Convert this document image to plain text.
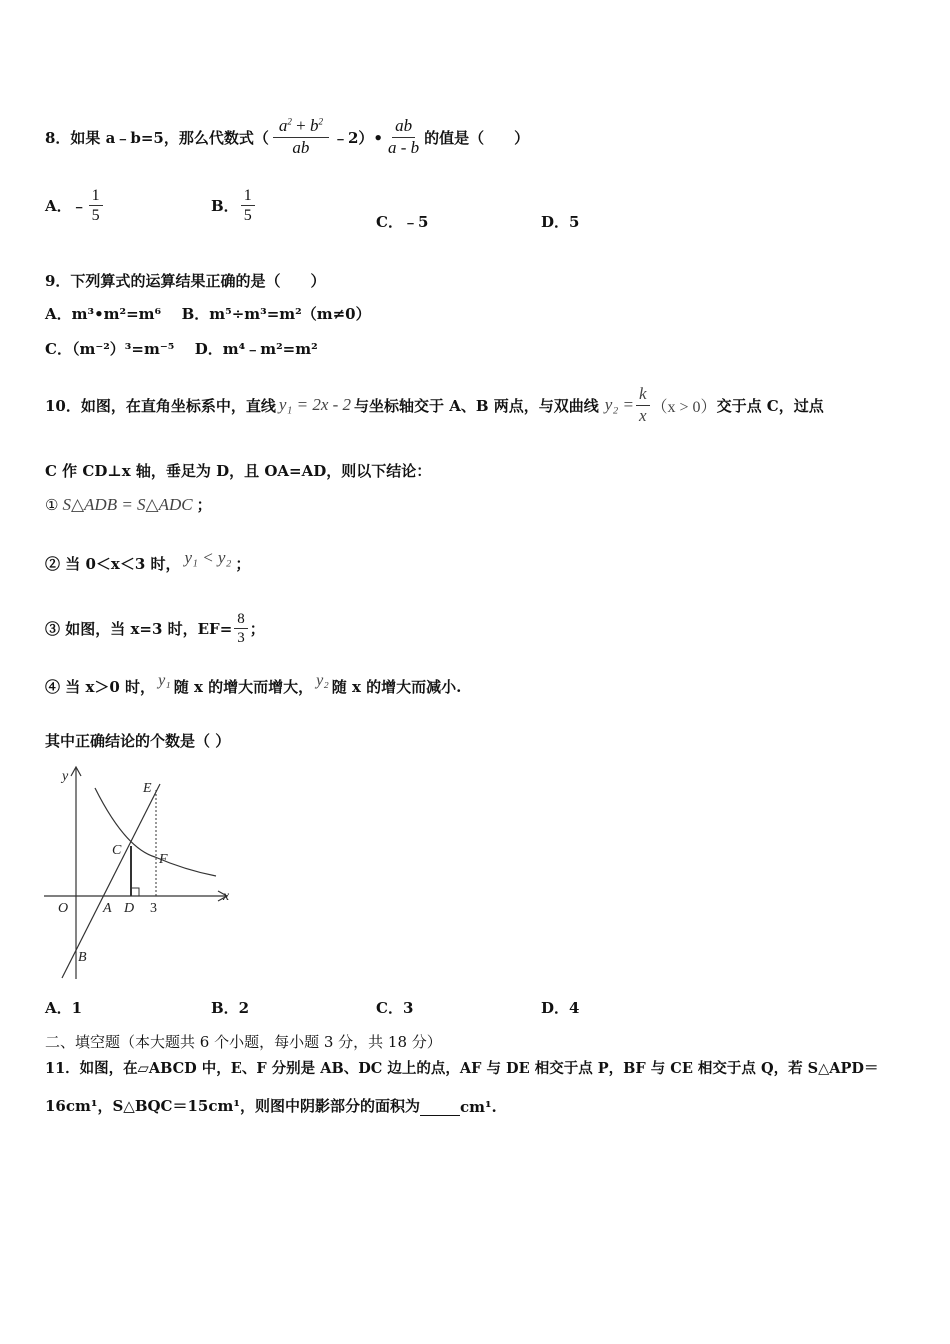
8．如果 a﹣b=5，那么代数式（ $\frac{a^2 + b^2}{ab}$ ﹣2）• $\frac{ab}{a - b}$ 的值是（　　）
A．﹣ $\frac{1}{5}$	B． $\frac{1}{5}$	C．﹣5	D．5
9．下列算式的运算结果正确的是（　　）
A．m³•m²=m⁶ B．m⁵÷m³=m²（m≠0）
C．（m⁻²）³=m⁻⁵ D．m⁴﹣m²=m²
10．如图，在直角坐标系中，直线 y₁ = 2x - 2 与坐标轴交于 A、B 两点，与双曲线 $y_2 = \frac{k}{x} (x > 0)$ 交于点 C，过点
C 作 CD⊥x 轴，垂足为 D，且 OA=AD，则以下结论：
① S△ADB = S△ADC ；
② 当 0＜x＜3 时， y₁ < y₂ ；
③ 如图，当 x=3 时，$EF= \frac{8}{3}$ ；
④ 当 x＞0 时， y₁ 随 x 的增大而增大， y₂ 随 x 的增大而减小.
其中正确结论的个数是（ ）
y
x
O A D 3
B
C
E
F
A．1	B．2	C．3	D．4
二、填空题（本大题共 6 个小题，每小题 3 分，共 18 分）
11．如图，在▱ABCD 中，E、F 分别是 AB、DC 边上的点，AF 与 DE 相交于点 P，BF 与 CE 相交于点 Q，若 S△APD＝
16cm¹，S△BQC＝15cm¹，则图中阴影部分的面积为	cm¹.
